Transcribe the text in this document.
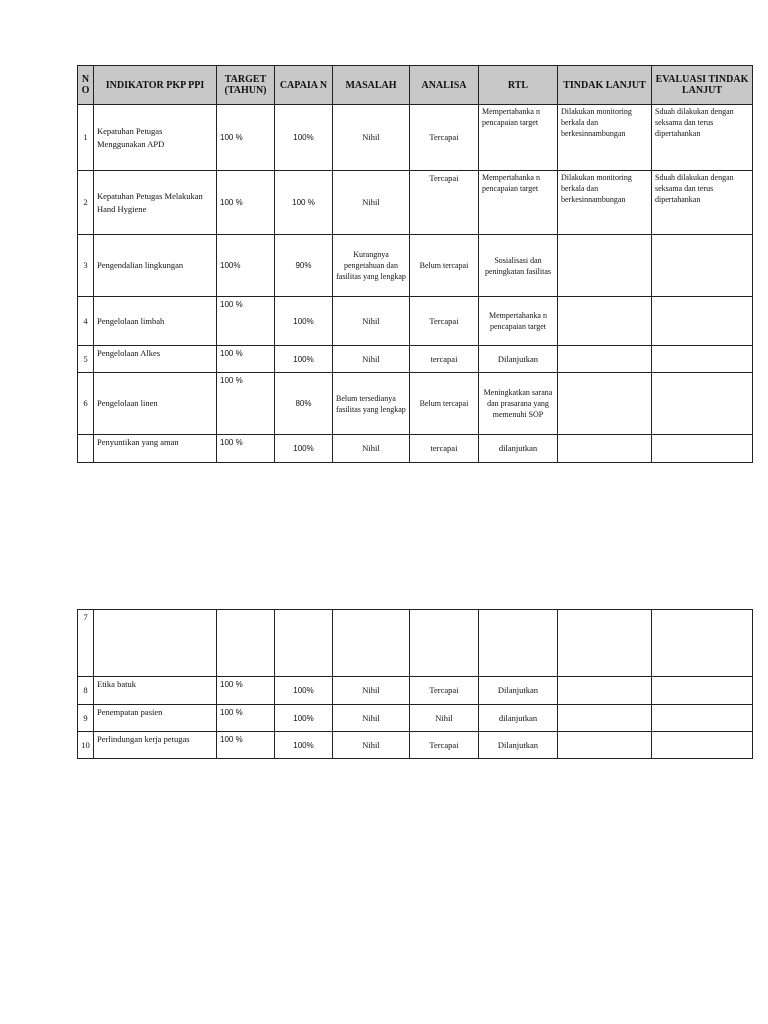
N O	INDIKATOR PKP PPI	TARGET (TAHUN)	CAPAIA N	MASALAH	ANALISA	RTL	TINDAK LANJUT	EVALUASI TINDAK LANJUT
1	Kepatuhan Petugas Menggunakan APD	100 %	100%	Nihil	Tercapai	Mempertahanka n pencapaian target	Dilakukan monitoring berkala dan berkesinnambungan	Sduah dilakukan dengan seksama dan terus dipertahankan
2	Kepatuhan Petugas Melakukan Hand Hygiene	100 %	100 %	Nihil	Tercapai	Mempertahanka n pencapaian target	Dilakukan monitoring berkala dan berkesinnambungan	Sduah dilakukan dengan seksama dan terus dipertahankan
3	Pengendalian lingkungan	100%	90%	Kurangnya pengetahuan dan fasilitas yang lengkap	Belum tercapai	Sosialisasi dan peningkatan fasilitas		
4	Pengelolaan limbah	100 %	100%	Nihil	Tercapai	Mempertahanka n pencapaian target		
5	Pengelolaan Alkes	100 %	100%	Nihil	tercapai	Dilanjutkan		
6	Pengelolaan linen	100 %	80%	Belum tersedianya fasilitas yang lengkap	Belum tercapai	Meningkatkan sarana dan prasarana yang memenuhi SOP		
	Penyuntikan yang aman	100 %	100%	Nihil	tercapai	dilanjutkan		
7								
8	Etika batuk	100 %	100%	Nihil	Tercapai	Dilanjutkan		
9	Penempatan pasien	100 %	100%	Nihil	Nihil	dilanjutkan		
10	Perlindungan kerja petugas	100 %	100%	Nihil	Tercapai	Dilanjutkan		
